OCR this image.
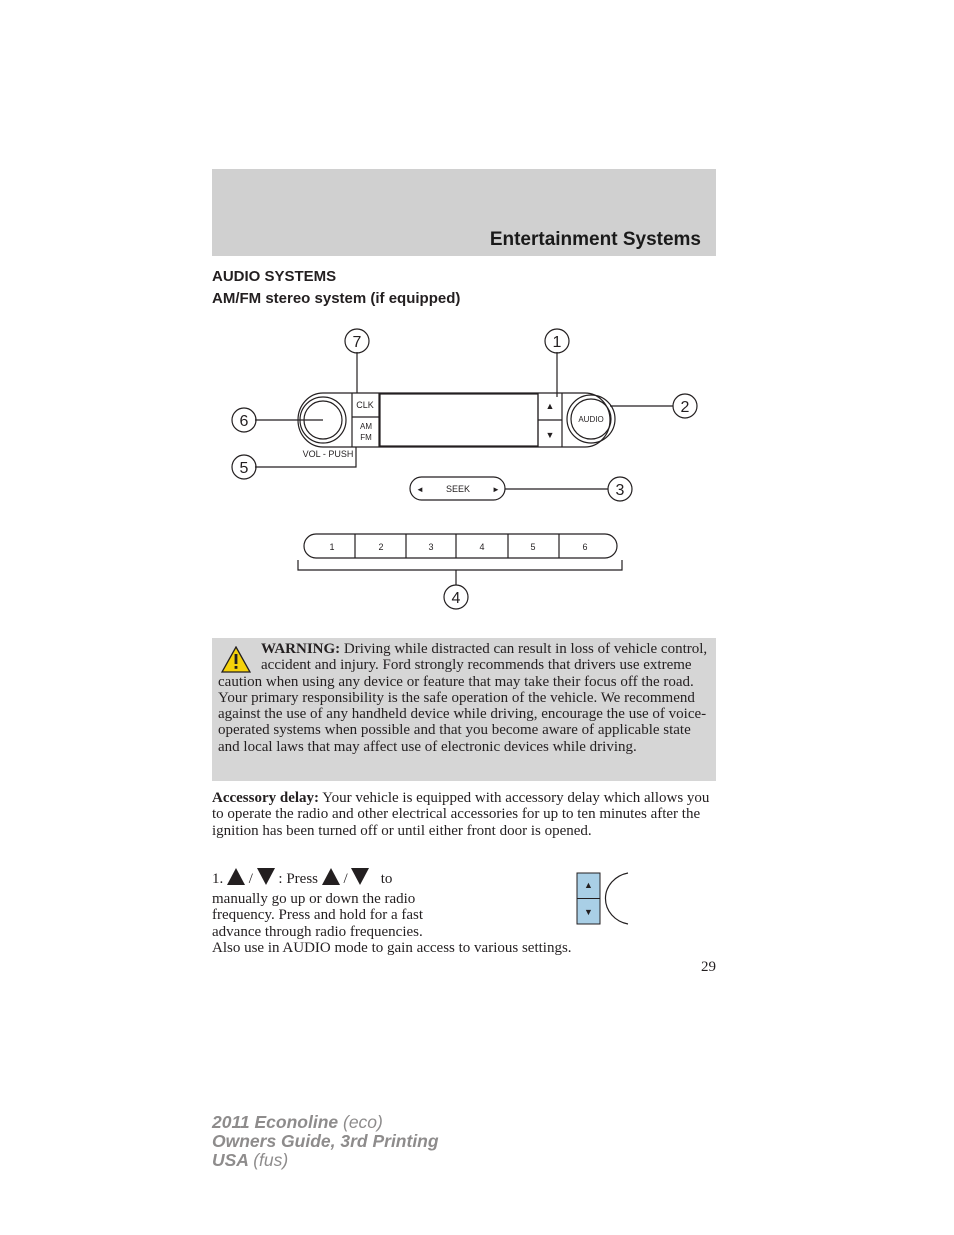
Entertainment Systems
AUDIO SYSTEMS
AM/FM stereo system (if equipped)
7	1
6
2
5
3
4
CLK
AM
FM
VOL - PUSH
AUDIO
▲
▼
SEEK
◄	►
1	2	3	4	5	6

WARNING: Driving while distracted can result in loss of vehicle control, accident and injury. Ford strongly recommends that drivers use extreme caution when using any device or feature that may take their focus off the road. Your primary responsibility is the safe operation of the vehicle. We recommend against the use of any handheld device while driving, encourage the use of voice-operated systems when possible and that you become aware of applicable state and local laws that may affect use of electronic devices while driving.

Accessory delay: Your vehicle is equipped with accessory delay which allows you to operate the radio and other electrical accessories for up to ten minutes after the ignition has been turned off or until either front door is opened.

1. / : Press / to

manually go up or down the radio frequency. Press and hold for a fast advance through radio frequencies.

Also use in AUDIO mode to gain access to various settings.

▲
▼

29

2011 Econoline (eco)
Owners Guide, 3rd Printing
USA (fus)
